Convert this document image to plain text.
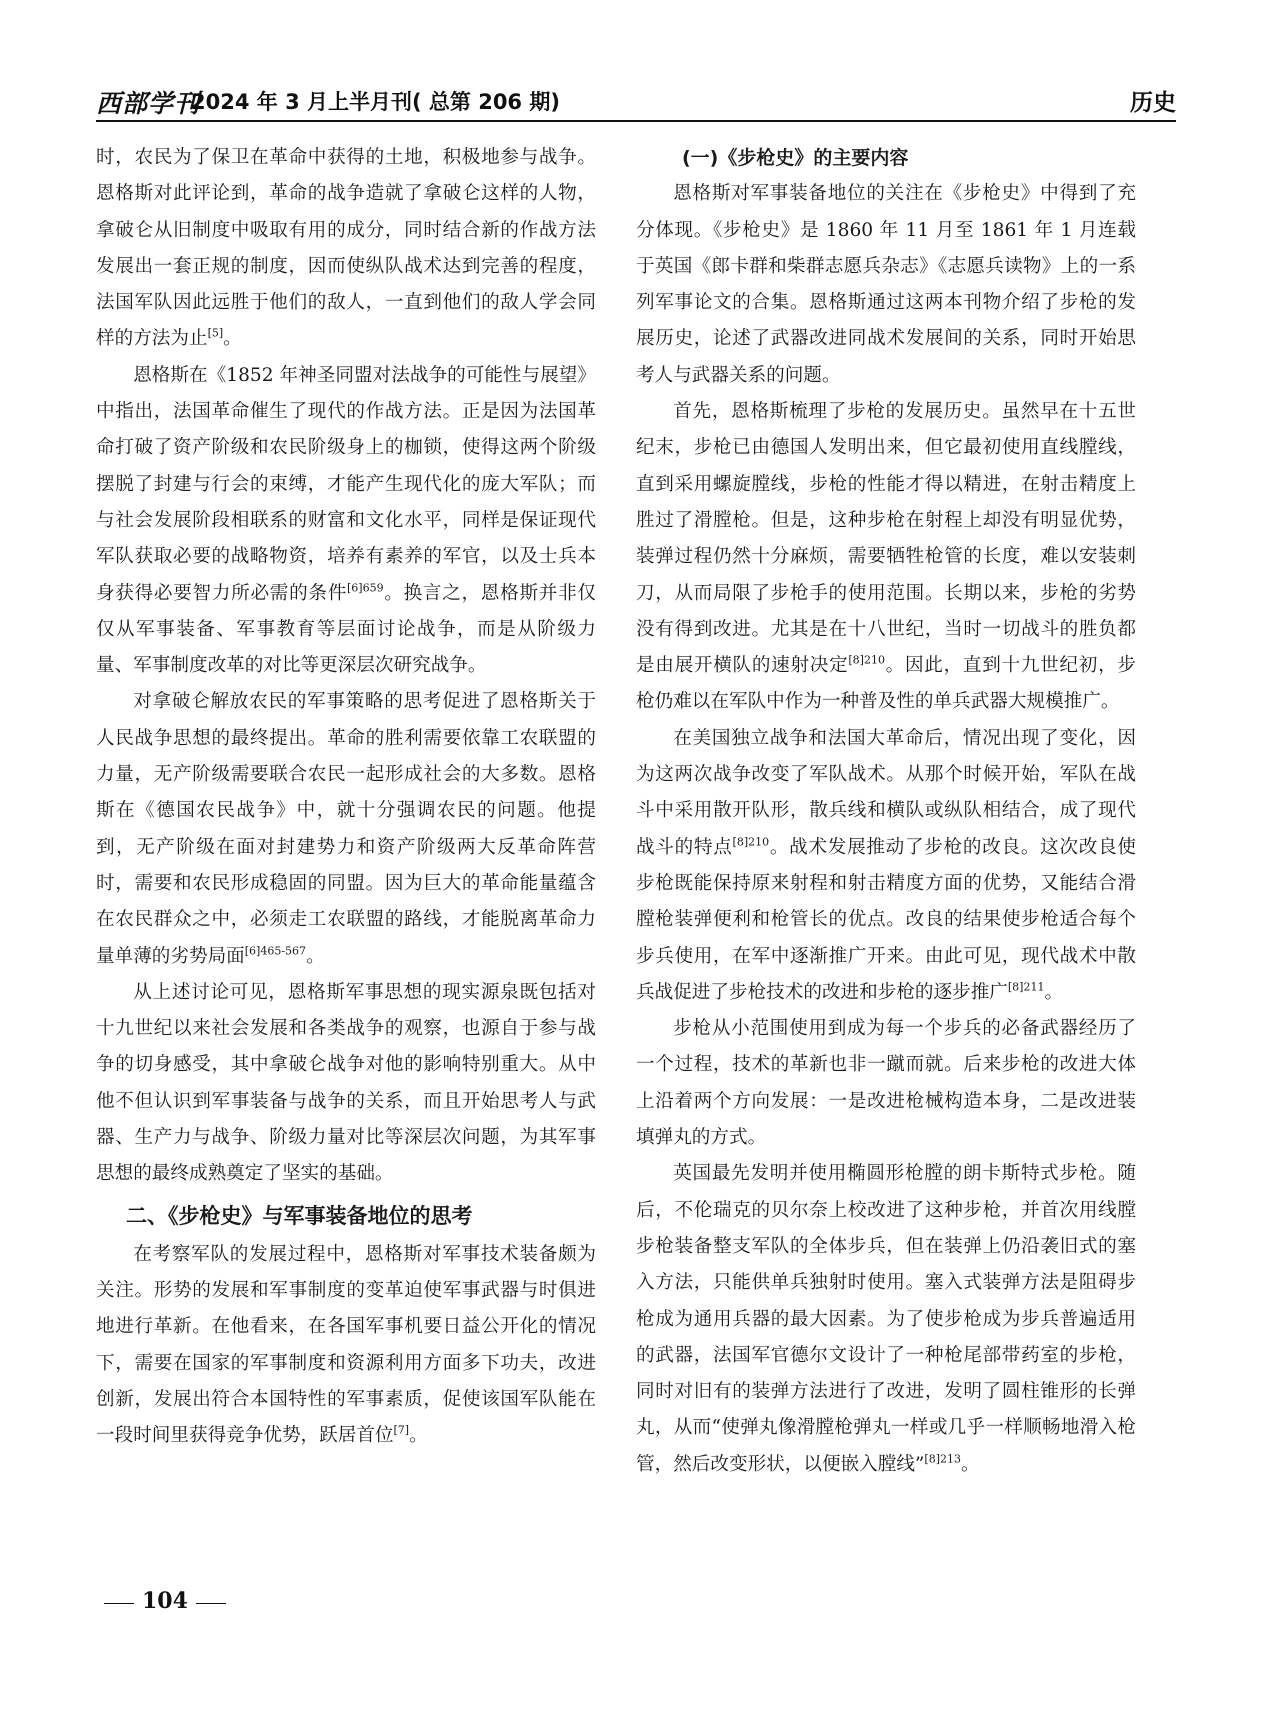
西部学刊
2024 年 3 月上半月刊( 总第 206 期)	历史

时，农民为了保卫在革命中获得的土地，积极地参与战争。恩格斯对此评论到，革命的战争造就了拿破仑这样的人物，拿破仑从旧制度中吸取有用的成分，同时结合新的作战方法发展出一套正规的制度，因而使纵队战术达到完善的程度，法国军队因此远胜于他们的敌人，一直到他们的敌人学会同样的方法为止[5]。

恩格斯在《1852 年神圣同盟对法战争的可能性与展望》中指出，法国革命催生了现代的作战方法。正是因为法国革命打破了资产阶级和农民阶级身上的枷锁，使得这两个阶级摆脱了封建与行会的束缚，才能产生现代化的庞大军队；而与社会发展阶段相联系的财富和文化水平，同样是保证现代军队获取必要的战略物资，培养有素养的军官，以及士兵本身获得必要智力所必需的条件$^{[6]659}$。换言之，恩格斯并非仅仅从军事装备、军事教育等层面讨论战争，而是从阶级力量、军事制度改革的对比等更深层次研究战争。

对拿破仑解放农民的军事策略的思考促进了恩格斯关于人民战争思想的最终提出。革命的胜利需要依靠工农联盟的力量，无产阶级需要联合农民一起形成社会的大多数。恩格斯在《德国农民战争》中，就十分强调农民的问题。他提到，无产阶级在面对封建势力和资产阶级两大反革命阵营时，需要和农民形成稳固的同盟。因为巨大的革命能量蕴含在农民群众之中，必须走工农联盟的路线，才能脱离革命力量单薄的劣势局面$^{[6]465-567}$。

从上述讨论可见，恩格斯军事思想的现实源泉既包括对十九世纪以来社会发展和各类战争的观察，也源自于参与战争的切身感受，其中拿破仑战争对他的影响特别重大。从中他不但认识到军事装备与战争的关系，而且开始思考人与武器、生产力与战争、阶级力量对比等深层次问题，为其军事思想的最终成熟奠定了坚实的基础。

二、《步枪史》与军事装备地位的思考

在考察军队的发展过程中，恩格斯对军事技术装备颇为关注。形势的发展和军事制度的变革迫使军事武器与时俱进地进行革新。在他看来，在各国军事机要日益公开化的情况下，需要在国家的军事制度和资源利用方面多下功夫，改进创新，发展出符合本国特性的军事素质，促使该国军队能在一段时间里获得竞争优势，跃居首位[7]。

(一)《步枪史》的主要内容

恩格斯对军事装备地位的关注在《步枪史》中得到了充分体现。《步枪史》是 1860 年 11 月至 1861 年 1 月连载于英国《郎卡群和柴群志愿兵杂志》《志愿兵读物》上的一系列军事论文的合集。恩格斯通过这两本刊物介绍了步枪的发展历史，论述了武器改进同战术发展间的关系，同时开始思考人与武器关系的问题。

首先，恩格斯梳理了步枪的发展历史。虽然早在十五世纪末，步枪已由德国人发明出来，但它最初使用直线膛线，直到采用螺旋膛线，步枪的性能才得以精进，在射击精度上胜过了滑膛枪。但是，这种步枪在射程上却没有明显优势，装弹过程仍然十分麻烦，需要牺牲枪管的长度，难以安装刺刀，从而局限了步枪手的使用范围。长期以来，步枪的劣势没有得到改进。尤其是在十八世纪，当时一切战斗的胜负都是由展开横队的速射决定$^{[8]210}$。因此，直到十九世纪初，步枪仍难以在军队中作为一种普及性的单兵武器大规模推广。

在美国独立战争和法国大革命后，情况出现了变化，因为这两次战争改变了军队战术。从那个时候开始，军队在战斗中采用散开队形，散兵线和横队或纵队相结合，成了现代战斗的特点$^{[8]210}$。战术发展推动了步枪的改良。这次改良使步枪既能保持原来射程和射击精度方面的优势，又能结合滑膛枪装弹便利和枪管长的优点。改良的结果使步枪适合每个步兵使用，在军中逐渐推广开来。由此可见，现代战术中散兵战促进了步枪技术的改进和步枪的逐步推广$^{[8]211}$。

步枪从小范围使用到成为每一个步兵的必备武器经历了一个过程，技术的革新也非一蹴而就。后来步枪的改进大体上沿着两个方向发展：一是改进枪械构造本身，二是改进装填弹丸的方式。

英国最先发明并使用椭圆形枪膛的朗卡斯特式步枪。随后，不伦瑞克的贝尔奈上校改进了这种步枪，并首次用线膛步枪装备整支军队的全体步兵，但在装弹上仍沿袭旧式的塞入方法，只能供单兵独射时使用。塞入式装弹方法是阻碍步枪成为通用兵器的最大因素。为了使步枪成为步兵普遍适用的武器，法国军官德尔文设计了一种枪尾部带药室的步枪，同时对旧有的装弹方法进行了改进，发明了圆柱锥形的长弹丸，从而“使弹丸像滑膛枪弹丸一样或几乎一样顺畅地滑入枪管，然后改变形状，以便嵌入膛线”$^{[8]213}$。

104
